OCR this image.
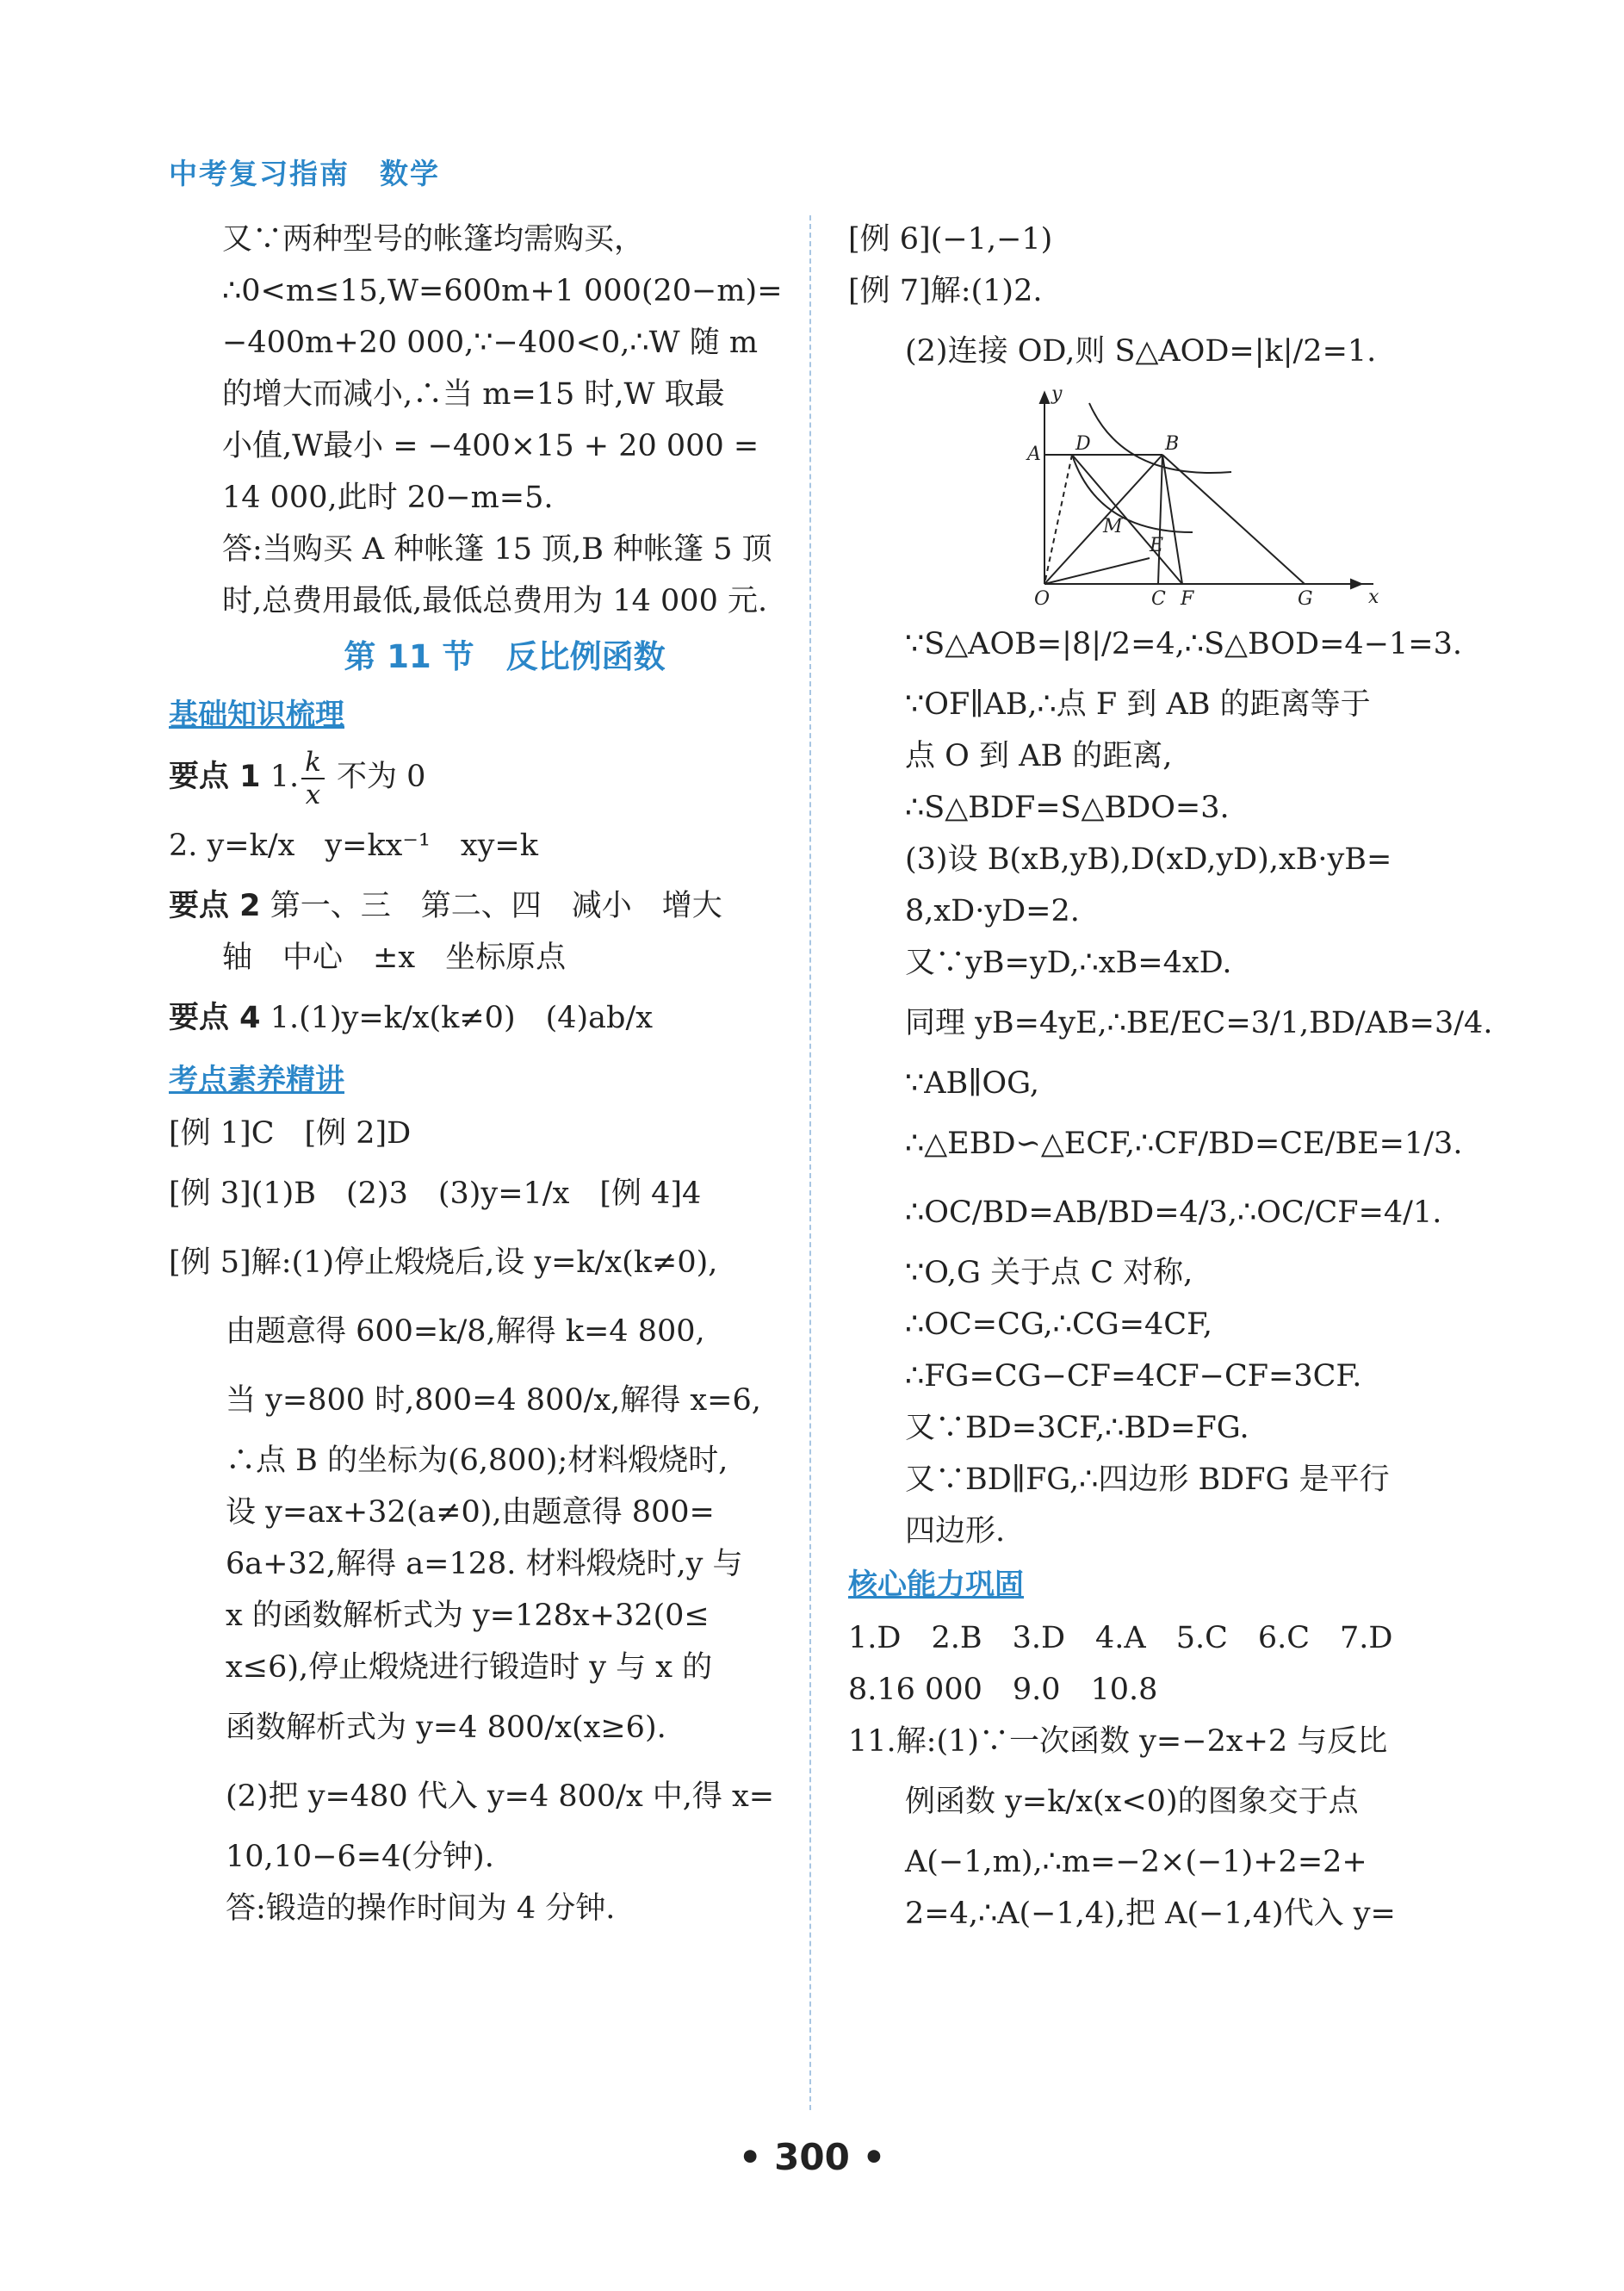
中考复习指南　数学
又∵两种型号的帐篷均需购买，
∴0<m≤15,W=600m+1 000(20−m)=
−400m+20 000,∵−400<0,∴W 随 m
的增大而减小,∴当 m=15 时,W 取最
小值,W最小 = −400×15 + 20 000 =
14 000,此时 20−m=5.
答:当购买 A 种帐篷 15 顶,B 种帐篷 5 顶
时,总费用最低,最低总费用为 14 000 元.
第 11 节　反比例函数
基础知识梳理
要点 1 1. $\frac{k}{x}$ 不为 0
2. y=k/x　y=kx⁻¹　xy=k
要点 2 第一、三　第二、四　减小　增大
轴　中心　±x　坐标原点
要点 4 1.(1)y=k/x(k≠0)　(4)ab/x
考点素养精讲
[例 1]C　[例 2]D
[例 3](1)B　(2)3　(3)y=1/x　[例 4]4
[例 5]解:(1)停止煅烧后,设 y=k/x(k≠0),
由题意得 600=k/8,解得 k=4 800,
当 y=800 时,800=4 800/x,解得 x=6,
∴点 B 的坐标为(6,800);材料煅烧时,
设 y=ax+32(a≠0),由题意得 800=
6a+32,解得 a=128. 材料煅烧时,y 与
x 的函数解析式为 y=128x+32(0≤
x≤6),停止煅烧进行锻造时 y 与 x 的
函数解析式为 y=4 800/x(x≥6).
(2)把 y=480 代入 y=4 800/x 中,得 x=
10,10−6=4(分钟).
答:锻造的操作时间为 4 分钟.
[例 6](−1,−1)
[例 7]解:(1)2.
(2)连接 OD,则 S△AOD=|k|/2=1.
y
x
A D	B
M
E
O	C F	G
∵S△AOB=|8|/2=4,∴S△BOD=4−1=3.
∵OF∥AB,∴点 F 到 AB 的距离等于
点 O 到 AB 的距离,
∴S△BDF=S△BDO=3.
(3)设 B(xB,yB),D(xD,yD),xB·yB=
8,xD·yD=2.
又∵yB=yD,∴xB=4xD.
同理 yB=4yE,∴BE/EC=3/1,BD/AB=3/4.
∵AB∥OG,
∴△EBD∽△ECF,∴CF/BD=CE/BE=1/3.
∴OC/BD=AB/BD=4/3,∴OC/CF=4/1.
∵O,G 关于点 C 对称,
∴OC=CG,∴CG=4CF,
∴FG=CG−CF=4CF−CF=3CF.
又∵BD=3CF,∴BD=FG.
又∵BD∥FG,∴四边形 BDFG 是平行
四边形.
核心能力巩固
1.D　2.B　3.D　4.A　5.C　6.C　7.D
8.16 000　9.0　10.8
11.解:(1)∵一次函数 y=−2x+2 与反比
例函数 y=k/x(x<0)的图象交于点
A(−1,m),∴m=−2×(−1)+2=2+
2=4,∴A(−1,4),把 A(−1,4)代入 y=
• 300 •
